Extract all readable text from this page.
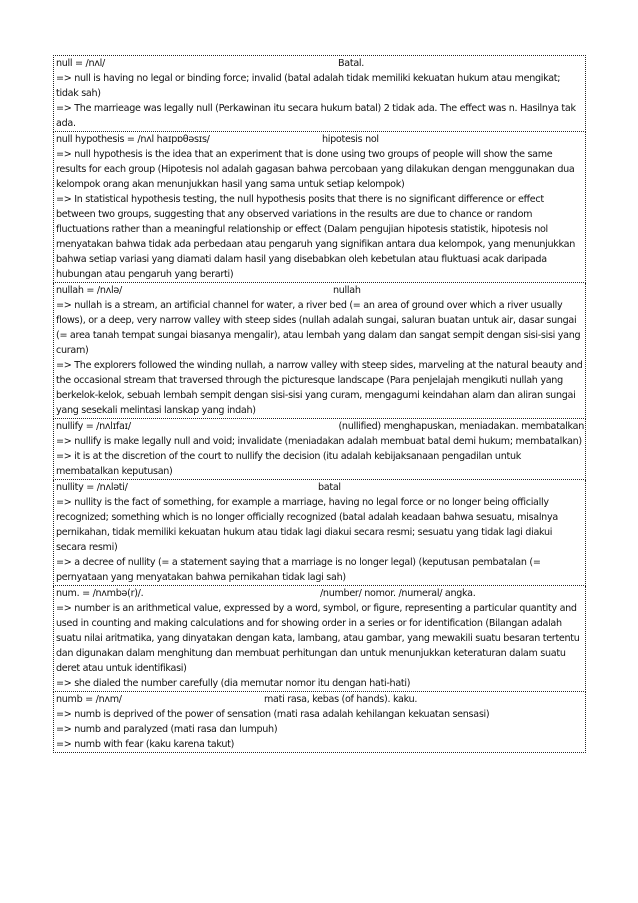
null = /nʌl/	Batal.
=> null is having no legal or binding force; invalid (batal adalah tidak memiliki kekuatan hukum atau mengikat; tidak sah)
=> The marrieage was legally null (Perkawinan itu secara hukum batal) 2 tidak ada. The effect was n. Hasilnya tak ada.
null hypothesis = /nʌl haɪpɒθəsɪs/	hipotesis nol
=> null hypothesis is the idea that an experiment that is done using two groups of people will show the same results for each group (Hipotesis nol adalah gagasan bahwa percobaan yang dilakukan dengan menggunakan dua kelompok orang akan menunjukkan hasil yang sama untuk setiap kelompok)
=> In statistical hypothesis testing, the null hypothesis posits that there is no significant difference or effect between two groups, suggesting that any observed variations in the results are due to chance or random fluctuations rather than a meaningful relationship or effect (Dalam pengujian hipotesis statistik, hipotesis nol menyatakan bahwa tidak ada perbedaan atau pengaruh yang signifikan antara dua kelompok, yang menunjukkan bahwa setiap variasi yang diamati dalam hasil yang disebabkan oleh kebetulan atau fluktuasi acak daripada hubungan atau pengaruh yang berarti)
nullah = /nʌlə/	nullah
=> nullah is a stream, an artificial channel for water, a river bed (= an area of ground over which a river usually flows), or a deep, very narrow valley with steep sides (nullah adalah sungai, saluran buatan untuk air, dasar sungai (= area tanah tempat sungai biasanya mengalir), atau lembah yang dalam dan sangat sempit dengan sisi-sisi yang curam)
=> The explorers followed the winding nullah, a narrow valley with steep sides, marveling at the natural beauty and the occasional stream that traversed through the picturesque landscape (Para penjelajah mengikuti nullah yang berkelok-kelok, sebuah lembah sempit dengan sisi-sisi yang curam, mengagumi keindahan alam dan aliran sungai yang sesekali melintasi lanskap yang indah)
nullify = /nʌlɪfaɪ/	(nullified) menghapuskan, meniadakan. membatalkan
=> nullify is make legally null and void; invalidate (meniadakan adalah membuat batal demi hukum; membatalkan)
=> it is at the discretion of the court to nullify the decision (itu adalah kebijaksanaan pengadilan untuk membatalkan keputusan)
nullity = /nʌləti/	batal
=> nullity is the fact of something, for example a marriage, having no legal force or no longer being officially recognized; something which is no longer officially recognized (batal adalah keadaan bahwa sesuatu, misalnya pernikahan, tidak memiliki kekuatan hukum atau tidak lagi diakui secara resmi; sesuatu yang tidak lagi diakui secara resmi)
=> a decree of nullity (= a statement saying that a marriage is no longer legal) (keputusan pembatalan (= pernyataan yang menyatakan bahwa pernikahan tidak lagi sah)
num. = /nʌmbə(r)/.	/number/ nomor. /numeral/ angka.
=> number is an arithmetical value, expressed by a word, symbol, or figure, representing a particular quantity and used in counting and making calculations and for showing order in a series or for identification (Bilangan adalah suatu nilai aritmatika, yang dinyatakan dengan kata, lambang, atau gambar, yang mewakili suatu besaran tertentu dan digunakan dalam menghitung dan membuat perhitungan dan untuk menunjukkan keteraturan dalam suatu deret atau untuk identifikasi)
=> she dialed the number carefully (dia memutar nomor itu dengan hati-hati)
numb = /nʌm/	mati rasa, kebas (of hands). kaku.
=> numb is deprived of the power of sensation (mati rasa adalah kehilangan kekuatan sensasi)
=> numb and paralyzed (mati rasa dan lumpuh)
=> numb with fear (kaku karena takut)
